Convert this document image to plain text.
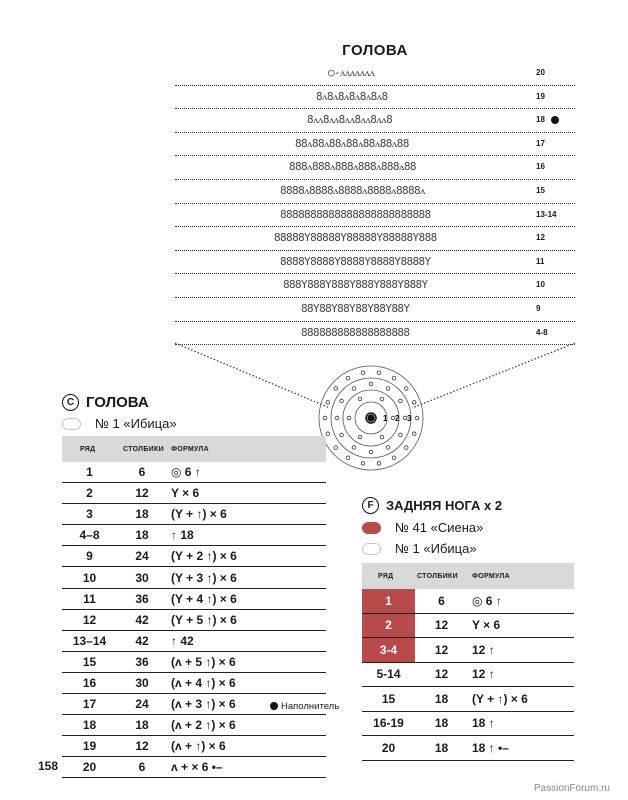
ГОЛОВА
○-ᴧᴧᴧᴧᴧᴧᴧ	20
8ᴧ8ᴧ8ᴧ8ᴧ8ᴧ8ᴧ8	19
8ᴧᴧ8ᴧᴧ8ᴧᴧ8ᴧᴧ8ᴧᴧ8	18
88ᴧ88ᴧ88ᴧ88ᴧ88ᴧ88ᴧ88	17
888ᴧ888ᴧ888ᴧ888ᴧ888ᴧ88	16
8888ᴧ8888ᴧ8888ᴧ8888ᴧ8888ᴧ	15
8888888888888888888888888	13-14
88888Y88888Y88888Y88888Y888	12
8888Y8888Y8888Y8888Y8888Y	11
888Y888Y888Y888Y888Y888Y	10
88Y88Y88Y88Y88Y88Y	9
888888888888888888	4-8
1 2 3
C ГОЛОВА
№ 1 «Ибица»
РЯД	СТОЛБИКИ	ФОРМУЛА
1	6	◎ 6 ↑
2	12	Y × 6
3	18	(Y + ↑) × 6
4–8	18	↑ 18
9	24	(Y + 2 ↑) × 6
10	30	(Y + 3 ↑) × 6
11	36	(Y + 4 ↑) × 6
12	42	(Y + 5 ↑) × 6
13–14	42	↑ 42
15	36	(ᴧ + 5 ↑) × 6
16	30	(ᴧ + 4 ↑) × 6
17	24	(ᴧ + 3 ↑) × 6
18	18	(ᴧ + 2 ↑) × 6
19	12	(ᴧ + ↑) × 6
20	6	ᴧ + × 6 •–
Наполнитель
F ЗАДНЯЯ НОГА x 2
№ 41 «Сиена»
№ 1 «Ибица»
РЯД	СТОЛБИКИ	ФОРМУЛА
1	6	◎ 6 ↑
2	12	Y × 6
3-4	12	12 ↑
5-14	12	12 ↑
15	18	(Y + ↑) × 6
16-19	18	18 ↑
20	18	18 ↑ •–
158
PassionForum.ru
